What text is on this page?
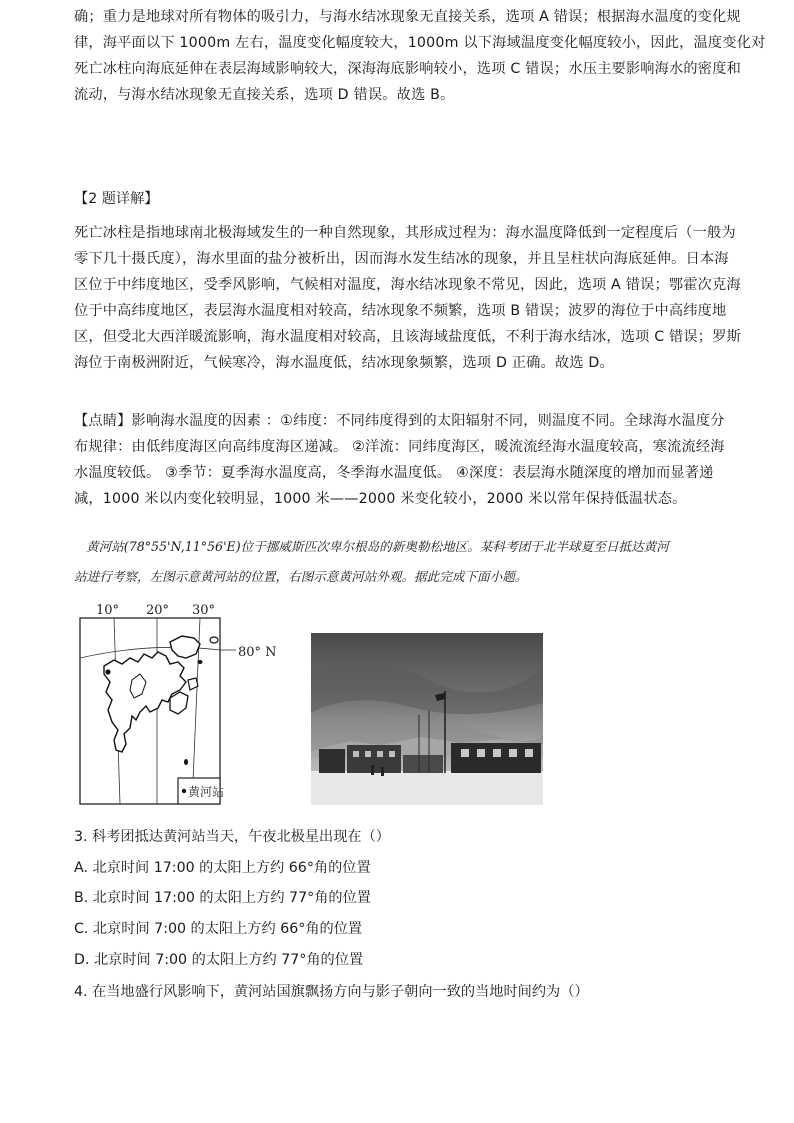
确；重力是地球对所有物体的吸引力，与海水结冰现象无直接关系，选项 A 错误；根据海水温度的变化规
律，海平面以下 1000m 左右，温度变化幅度较大，1000m 以下海域温度变化幅度较小，因此，温度变化对
死亡冰柱向海底延伸在表层海域影响较大，深海海底影响较小，选项 C 错误；水压主要影响海水的密度和
流动，与海水结冰现象无直接关系，选项 D 错误。故选 B。
【2 题详解】
死亡冰柱是指地球南北极海域发生的一种自然现象，其形成过程为：海水温度降低到一定程度后（一般为
零下几十摄氏度），海水里面的盐分被析出，因而海水发生结冰的现象，并且呈柱状向海底延伸。日本海
区位于中纬度地区，受季风影响，气候相对温度，海水结冰现象不常见，因此，选项 A 错误；鄂霍次克海
位于中高纬度地区，表层海水温度相对较高，结冰现象不频繁，选项 B 错误；波罗的海位于中高纬度地
区，但受北大西洋暖流影响，海水温度相对较高，且该海域盐度低，不利于海水结冰，选项 C 错误；罗斯
海位于南极洲附近，气候寒冷，海水温度低，结冰现象频繁，选项 D 正确。故选 D。
【点睛】影响海水温度的因素 ：①纬度：不同纬度得到的太阳辐射不同，则温度不同。全球海水温度分
布规律：由低纬度海区向高纬度海区递减。 ②洋流：同纬度海区，暖流流经海水温度较高，寒流流经海
水温度较低。 ③季节：夏季海水温度高，冬季海水温度低。 ④深度：表层海水随深度的增加而显著递
减，1000 米以内变化较明显，1000 米——2000 米变化较小，2000 米以常年保持低温状态。
黄河站(78°55'N,11°56'E)位于挪威斯匹次卑尔根岛的新奥勒松地区。某科考团于北半球夏至日抵达黄河
站进行考察，左图示意黄河站的位置，右图示意黄河站外观。据此完成下面小题。
10° 20° 30°
80° N
黄河站
3. 科考团抵达黄河站当天，午夜北极星出现在（）
A. 北京时间 17:00 的太阳上方约 66°角的位置
B. 北京时间 17:00 的太阳上方约 77°角的位置
C. 北京时间 7:00 的太阳上方约 66°角的位置
D. 北京时间 7:00 的太阳上方约 77°角的位置
4. 在当地盛行风影响下，黄河站国旗飘扬方向与影子朝向一致的当地时间约为（）
